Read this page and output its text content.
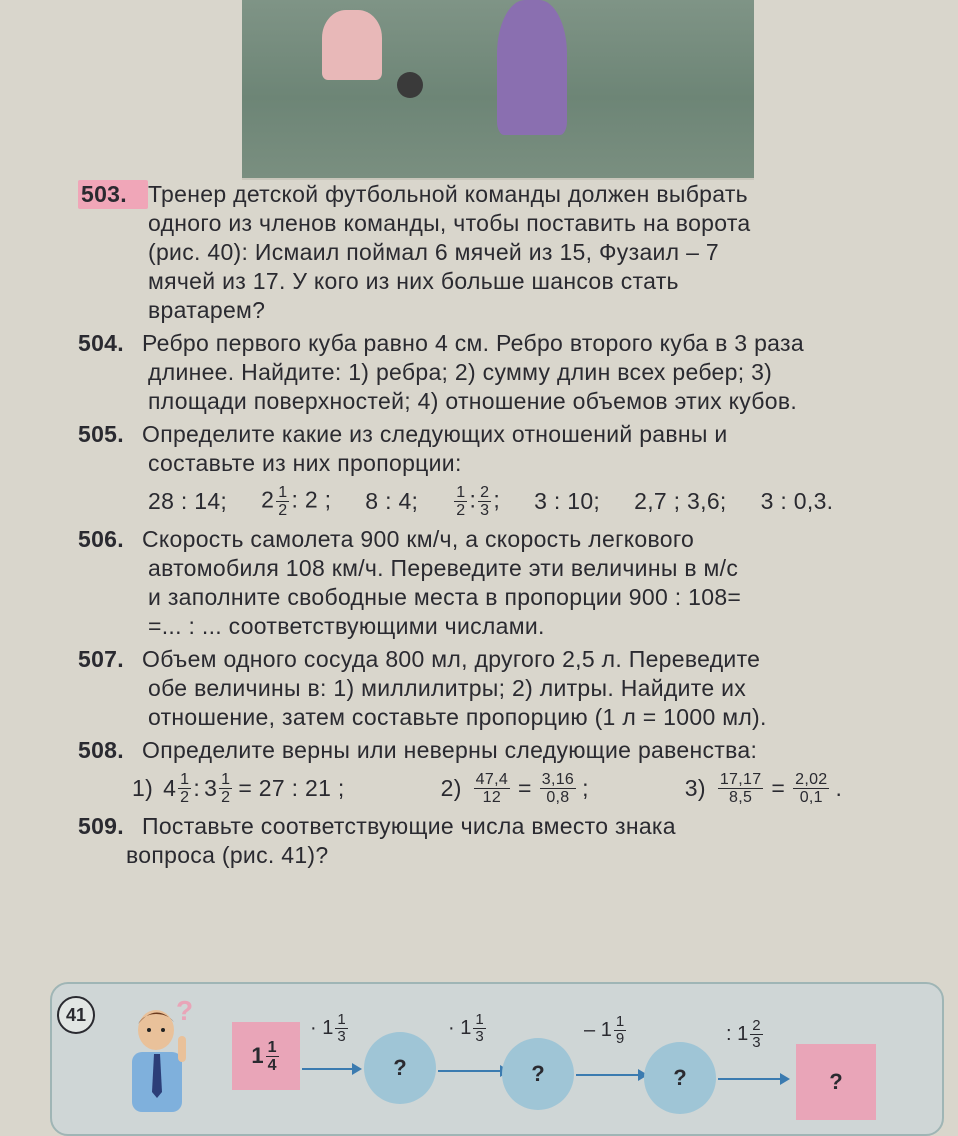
503. Тренер детской футбольной команды должен выбрать
одного из членов команды, чтобы поставить на ворота
(рис. 40): Исмаил поймал 6 мячей из 15, Фузаил – 7
мячей из 17. У кого из них больше шансов стать
вратарем?
504. Ребро первого куба равно 4 см. Ребро второго куба в 3 раза
длинее. Найдите: 1) ребра; 2) сумму длин всех ребер; 3)
площади поверхностей; 4) отношение объемов этих кубов.
505. Определите какие из следующих отношений равны и
составьте из них пропорции:
28 : 14; $2 \frac{1}{2}$ : 2 ; 8 : 4; $\frac{1}{2}$ : $\frac{2}{3}$ ; 3 : 10; 2,7 ; 3,6; 3 : 0,3.
506. Скорость самолета 900 км/ч, а скорость легкового
автомобиля 108 км/ч. Переведите эти величины в м/с
и заполните свободные места в пропорции 900 : 108=
=... : ... соответствующими числами.
507. Объем одного сосуда 800 мл, другого 2,5 л. Переведите
обе величины в: 1) миллилитры; 2) литры. Найдите их
отношение, затем составьте пропорцию (1 л = 1000 мл).
508. Определите верны или неверны следующие равенства:
1) $4 \frac{1}{2}$ : $3 \frac{1}{2} = 27$ : 21 ;	$2) \frac{47,4}{12} = \frac{3,16}{0,8}$ ;	$3) \frac{17,17}{8,5} = \frac{2,02}{0,1}$ .
509. Поставьте соответствующие числа вместо знака
вопроса (рис. 41)?
41	?
$1 \frac{1}{4}$
·
$1 \frac{1}{3}$
?
·
$1 \frac{1}{3}$
?
–
$1 \frac{1}{9}$
?
:
$1 \frac{2}{3}$
?
